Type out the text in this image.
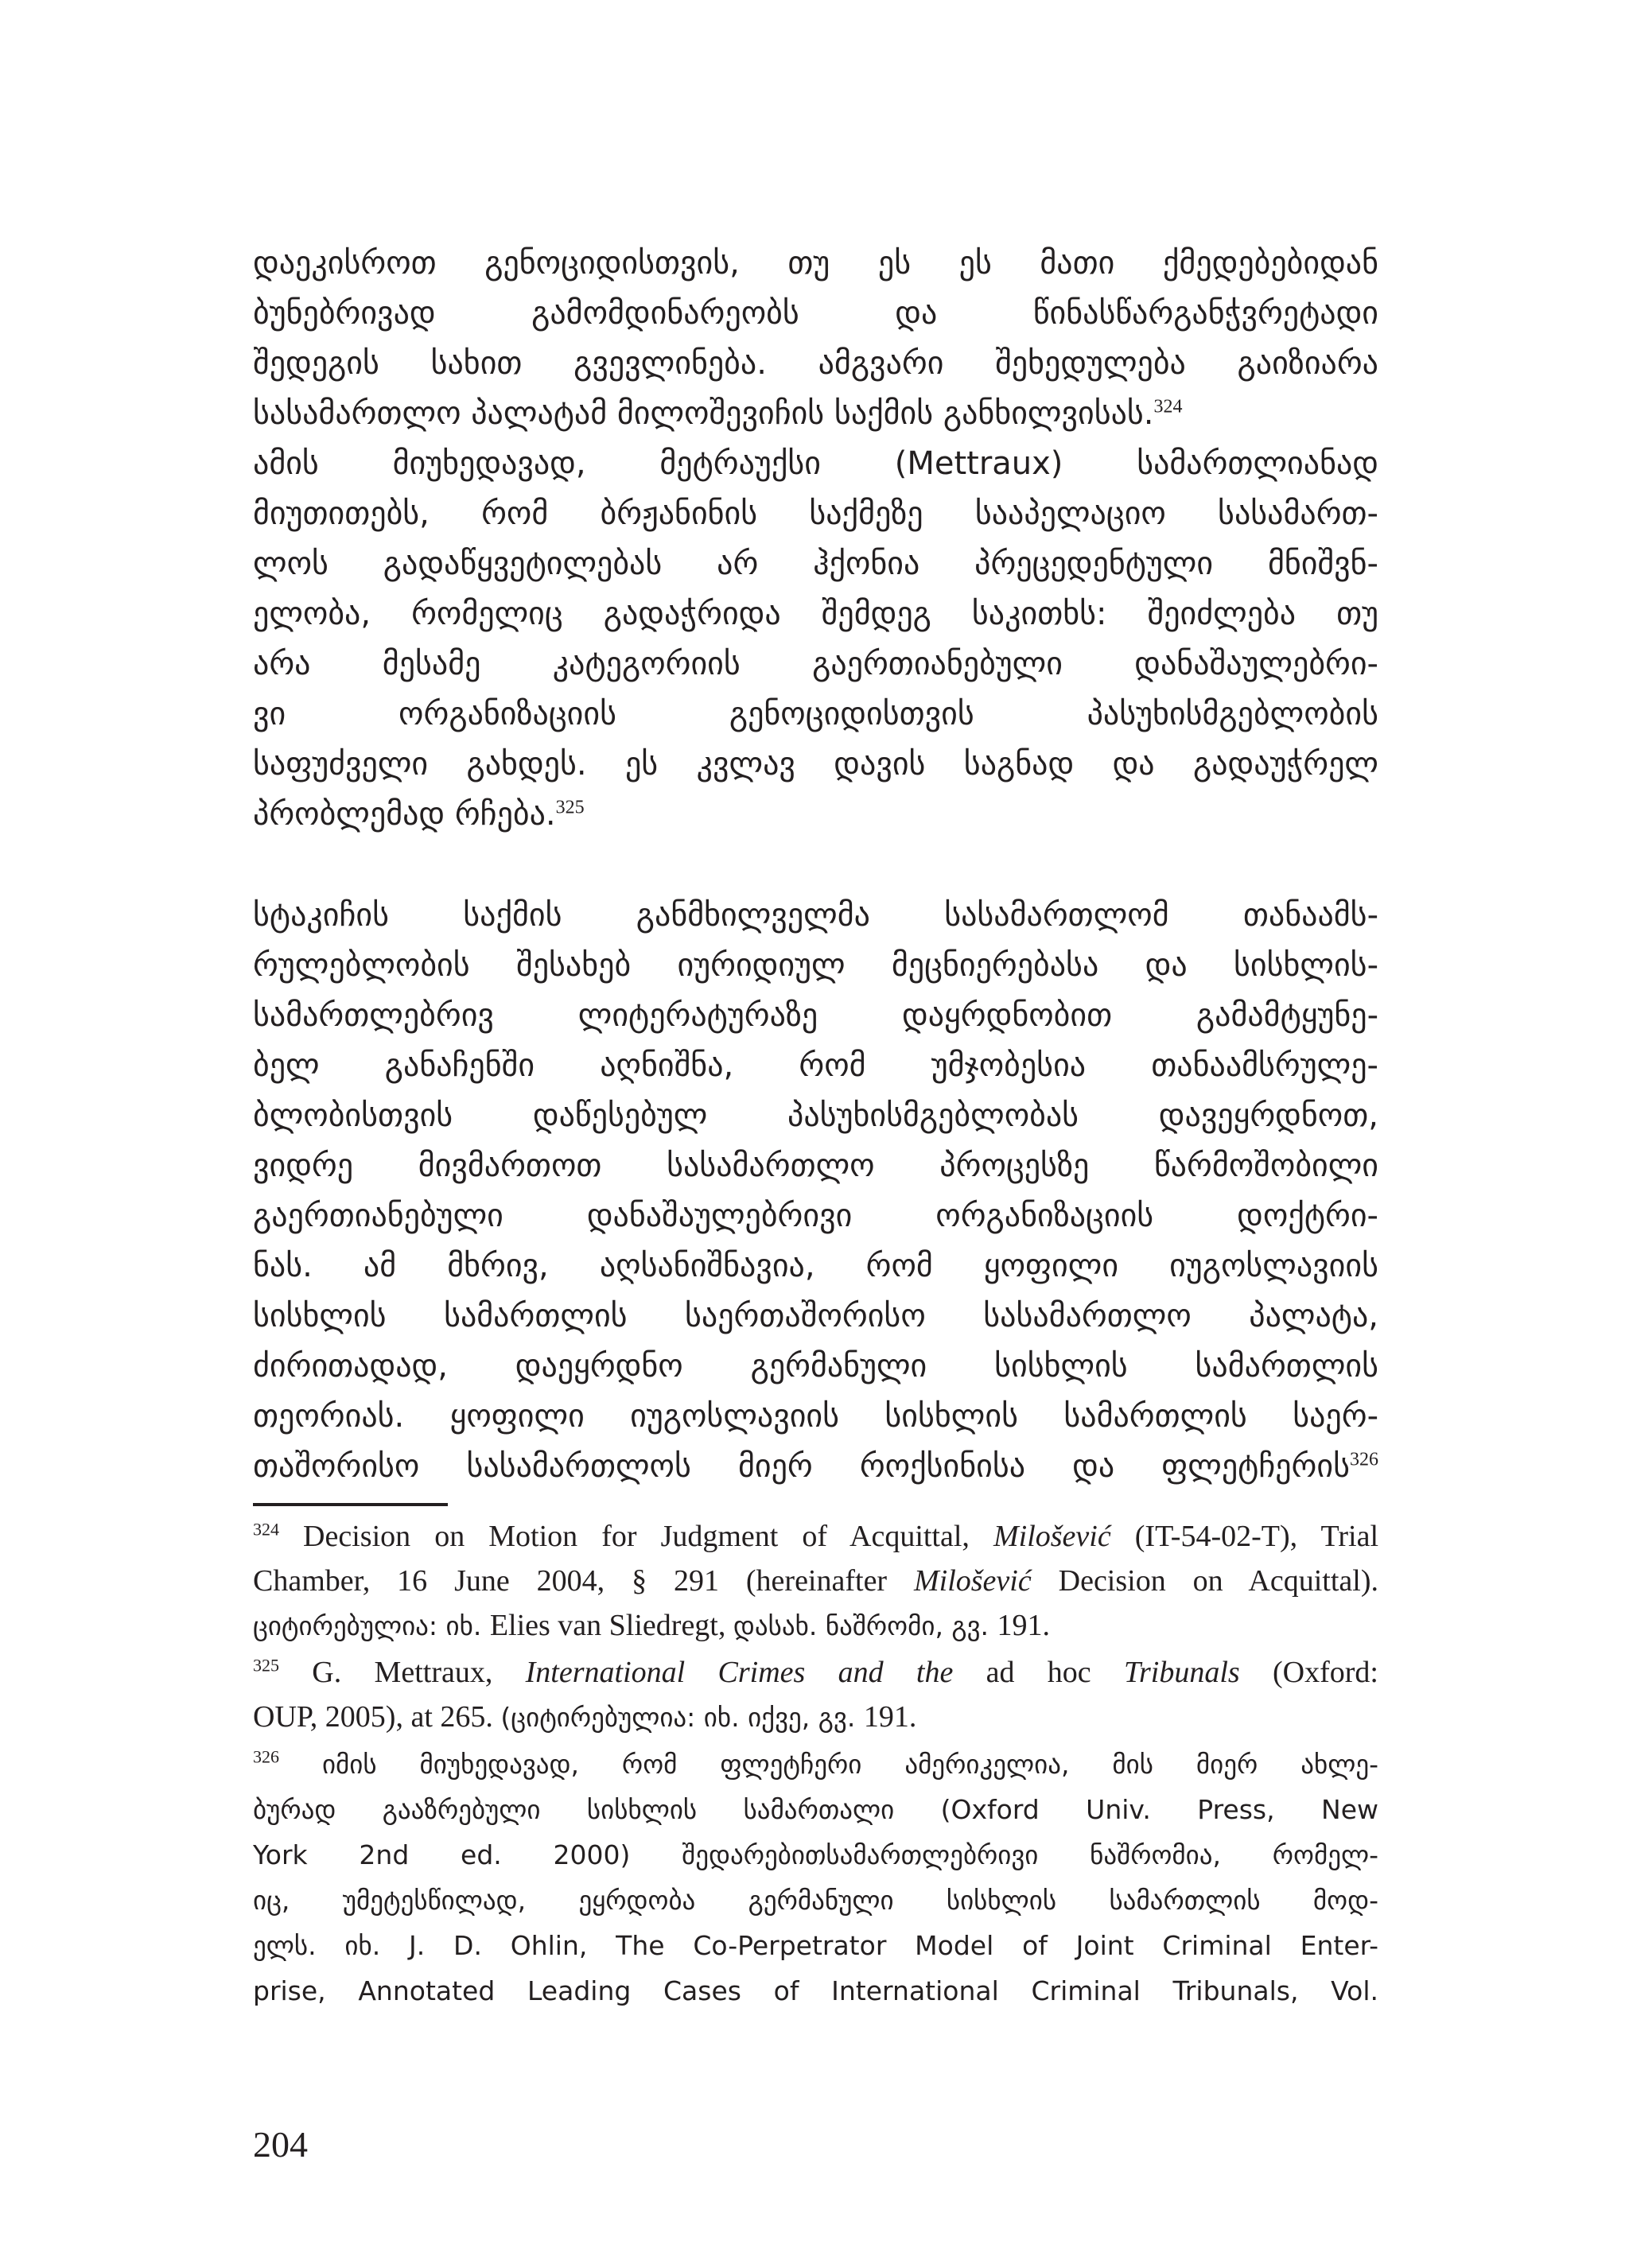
დაეკისროთ გენოციდისთვის, თუ ეს ეს მათი ქმედებებიდან
ბუნებრივად გამომდინარეობს და წინასწარგანჭვრეტადი
შედეგის სახით გვევლინება. ამგვარი შეხედულება გაიზიარა
სასამართლო პალატამ მილოშევიჩის საქმის განხილვისას.$^{324}$
ამის მიუხედავად, მეტრაუქსი (Mettraux) სამართლიანად
მიუთითებს, რომ ბრჟანინის საქმეზე სააპელაციო სასამართ-
ლოს გადაწყვეტილებას არ ჰქონია პრეცედენტული მნიშვნ-
ელობა, რომელიც გადაჭრიდა შემდეგ საკითხს: შეიძლება თუ
არა მესამე კატეგორიის გაერთიანებული დანაშაულებრი-
ვი ორგანიზაციის გენოციდისთვის პასუხისმგებლობის
საფუძველი გახდეს. ეს კვლავ დავის საგნად და გადაუჭრელ
პრობლემად რჩება.$^{325}$

სტაკიჩის საქმის განმხილველმა სასამართლომ თანაამს-
რულებლობის შესახებ იურიდიულ მეცნიერებასა და სისხლის-
სამართლებრივ ლიტერატურაზე დაყრდნობით გამამტყუნე-
ბელ განაჩენში აღნიშნა, რომ უმჯობესია თანაამსრულე-
ბლობისთვის დაწესებულ პასუხისმგებლობას დავეყრდნოთ,
ვიდრე მივმართოთ სასამართლო პროცესზე წარმოშობილი
გაერთიანებული დანაშაულებრივი ორგანიზაციის დოქტრი-
ნას. ამ მხრივ, აღსანიშნავია, რომ ყოფილი იუგოსლავიის
სისხლის სამართლის საერთაშორისო სასამართლო პალატა,
ძირითადად, დაეყრდნო გერმანული სისხლის სამართლის
თეორიას. ყოფილი იუგოსლავიის სისხლის სამართლის საერ-
თაშორისო სასამართლოს მიერ როქსინისა და ფლეტჩერის$^{326}$

$^{324}$ Decision on Motion for Judgment of Acquittal, Milošević (IT-54-02-T), Trial
Chamber, 16 June 2004, § 291 (hereinafter Milošević Decision on Acquittal).
ციტირებულია: იხ. Elies van Sliedregt, დასახ. ნაშრომი, გვ. 191.
$^{325}$ G. Mettraux, International Crimes and the ad hoc Tribunals (Oxford:
OUP, 2005), at 265. (ციტირებულია: იხ. იქვე, გვ. 191.
$^{326}$ იმის მიუხედავად, რომ ფლეტჩერი ამერიკელია, მის მიერ ახლე-
ბურად გააზრებული სისხლის სამართალი (Oxford Univ. Press, New
York 2nd ed. 2000) შედარებითსამართლებრივი ნაშრომია, რომელ-
იც, უმეტესწილად, ეყრდობა გერმანული სისხლის სამართლის მოდ-
ელს. იხ. J. D. Ohlin, The Co-Perpetrator Model of Joint Criminal Enter-
prise, Annotated Leading Cases of International Criminal Tribunals, Vol.
204
